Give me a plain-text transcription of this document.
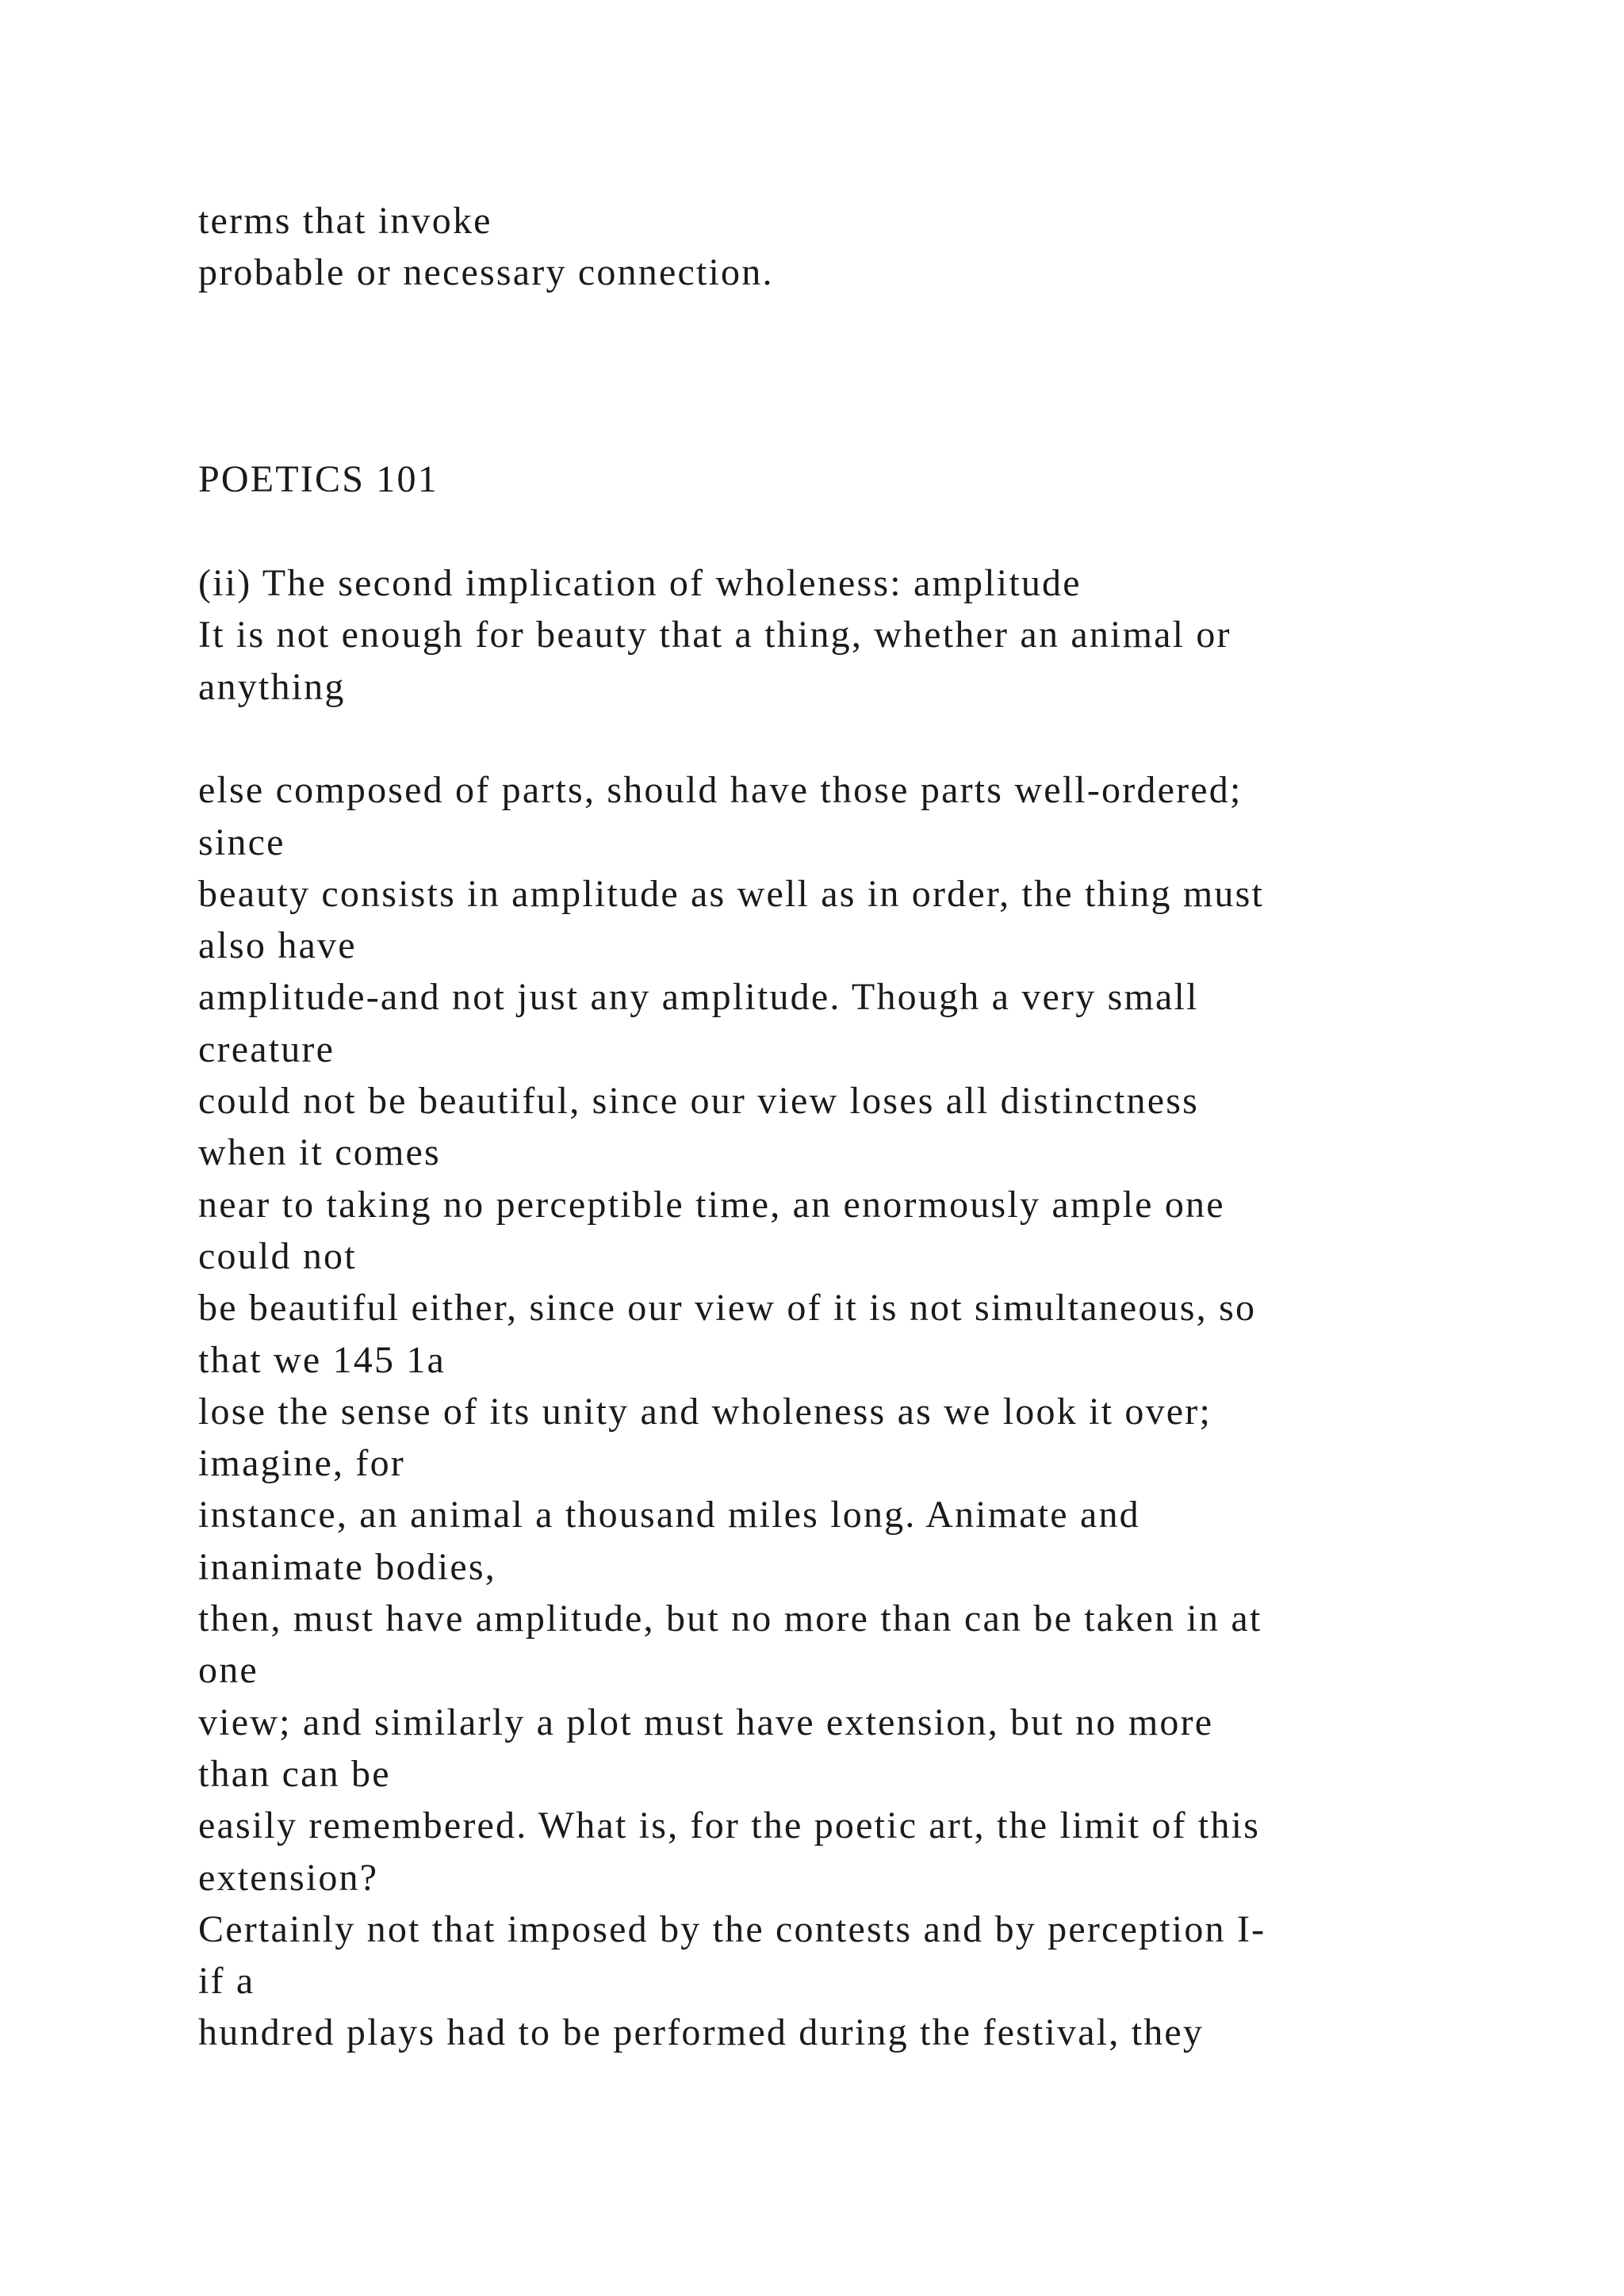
terms that invoke
probable or necessary connection.
POETICS 101
(ii) The second implication of wholeness: amplitude
It is not enough for beauty that a thing, whether an animal or
anything
else composed of parts, should have those parts well-ordered;
since
beauty consists in amplitude as well as in order, the thing must
also have
amplitude-and not just any amplitude. Though a very small
creature
could not be beautiful, since our view loses all distinctness
when it comes
near to taking no perceptible time, an enormously ample one
could not
be beautiful either, since our view of it is not simultaneous, so
that we 145 1a
lose the sense of its unity and wholeness as we look it over;
imagine, for
instance, an animal a thousand miles long. Animate and
inanimate bodies,
then, must have amplitude, but no more than can be taken in at
one
view; and similarly a plot must have extension, but no more
than can be
easily remembered. What is, for the poetic art, the limit of this
extension?
Certainly not that imposed by the contests and by perception I-
if a
hundred plays had to be performed during the festival, they
